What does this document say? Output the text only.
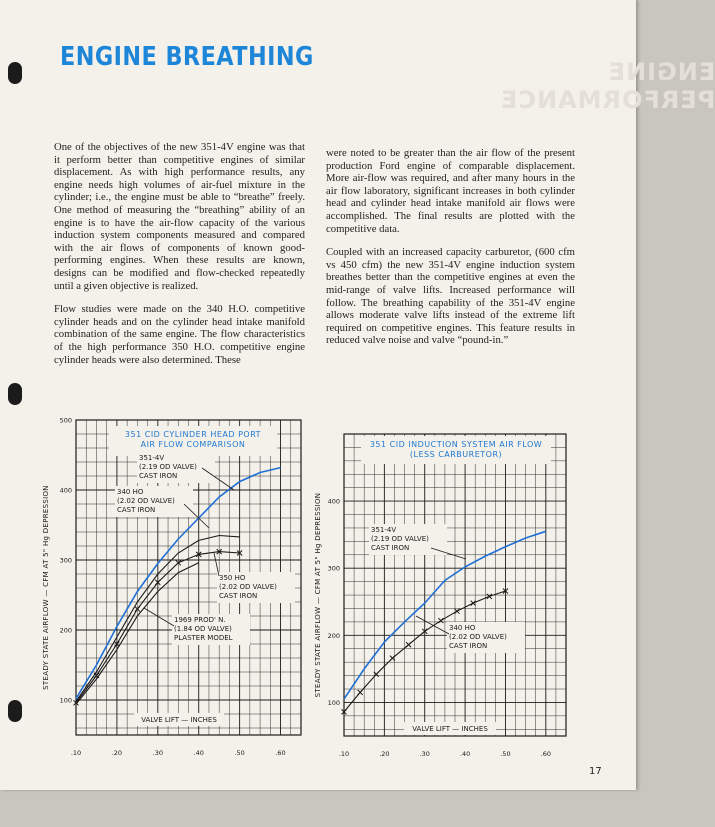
ENGINE PERFORMANCE
ENGINE BREATHING

One of the objectives of the new 351-4V engine was that it perform better than competitive engines of similar displacement. As with high performance results, any engine needs high volumes of air-fuel mixture in the cylinder; i.e., the engine must be able to “breathe” freely. One method of measuring the “breathing” ability of an engine is to have the air-flow capacity of the various induction system components measured and compared with the air flows of components of known good-performing engines. When these results are known, designs can be modified and flow-checked repeatedly until a given objective is realized.

Flow studies were made on the 340 H.O. competitive cylinder heads and on the cylinder head intake manifold combination of the same engine. The flow characteristics of the high performance 350 H.O. competitive engine cylinder heads were also determined. These

were noted to be greater than the air flow of the present production Ford engine of comparable displacement. More air-flow was required, and after many hours in the air flow laboratory, significant increases in both cylinder head and cylinder head intake manifold air flows were accomplished. The final results are plotted with the competitive data.

Coupled with an increased capacity carburetor, (600 cfm vs 450 cfm) the new 351-4V engine induction system breathes better than the competitive engines at even the mid-range of valve lifts. Increased performance will follow. The breathing capability of the 351-4V engine allows moderate valve lifts instead of the extreme lift required on competitive engines. This feature results in reduced valve noise and valve “pound-in.”

.10	.20	.30	.40	.50	.60
100
200
300
400
500
STEADY STATE AIRFLOW — CFM AT 5" Hg DEPRESSION
351 CID CYLINDER HEAD PORT
AIR FLOW COMPARISON
VALVE LIFT — INCHES
351-4V
(2.19 OD VALVE)
CAST IRON
340 HO
(2.02 OD VALVE)
CAST IRON
350 HO
(2.02 OD VALVE)
CAST IRON
1969 PROD' N.
(1.84 OD VALVE)
PLASTER MODEL
.10	.20	.30	.40	.50	.60
100
200
300
400
STEADY STATE AIRFLOW — CFM AT 5" Hg DEPRESSION
351 CID INDUCTION SYSTEM AIR FLOW
(LESS CARBURETOR)
VALVE LIFT — INCHES
351-4V
(2.19 OD VALVE)
CAST IRON
340 HO
(2.02 OD VALVE)
CAST IRON
17
